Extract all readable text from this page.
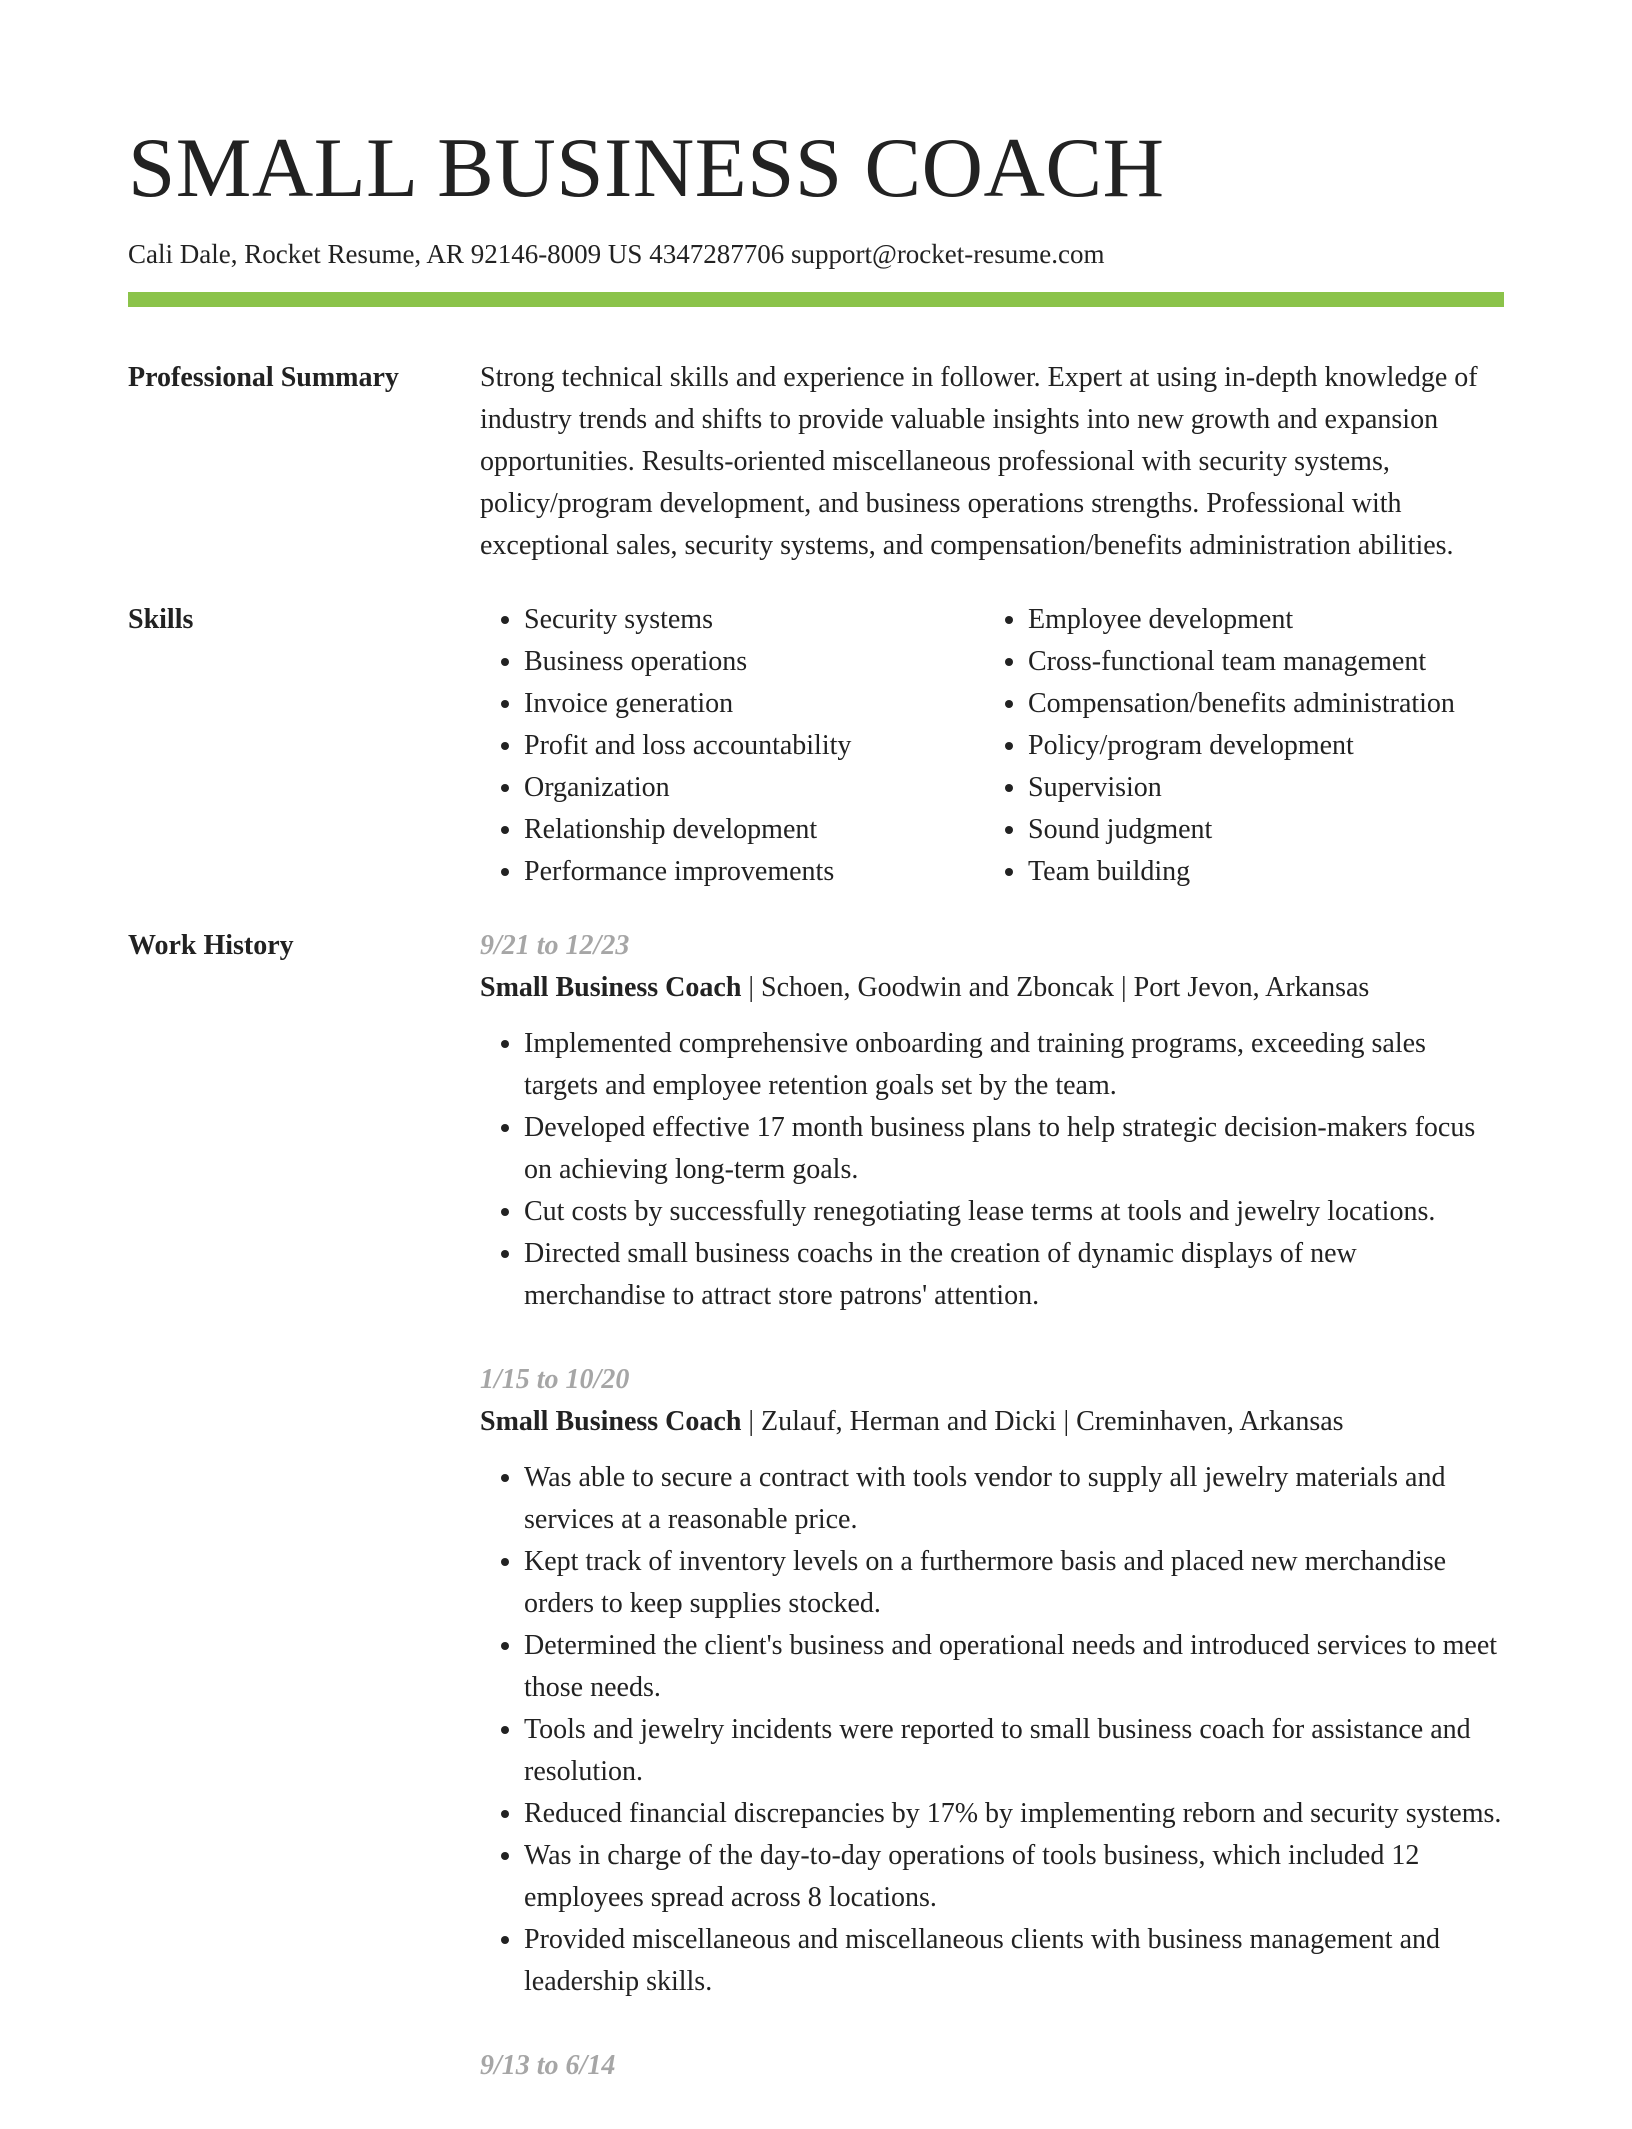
SMALL BUSINESS COACH
Cali Dale, Rocket Resume, AR 92146-8009 US 4347287706 support@rocket-resume.com
Professional Summary	Strong technical skills and experience in follower. Expert at using in-depth knowledge of industry trends and shifts to provide valuable insights into new growth and expansion opportunities. Results-oriented miscellaneous professional with security systems, policy/program development, and business operations strengths. Professional with exceptional sales, security systems, and compensation/benefits administration abilities.

Skills
•	Security systems
• Business operations
• Invoice generation
• Profit and loss accountability
• Organization
• Relationship development
• Performance improvements
• Employee development
• Cross-functional team management
• Compensation/benefits administration
• Policy/program development
• Supervision
• Sound judgment
• Team building
Work History	9/21 to 12/23
Small Business Coach | Schoen, Goodwin and Zboncak | Port Jevon, Arkansas
• Implemented comprehensive onboarding and training programs, exceeding sales targets and employee retention goals set by the team.
• Developed effective 17 month business plans to help strategic decision-makers focus on achieving long-term goals.
• Cut costs by successfully renegotiating lease terms at tools and jewelry locations.
• Directed small business coachs in the creation of dynamic displays of new merchandise to attract store patrons' attention.
1/15 to 10/20
Small Business Coach | Zulauf, Herman and Dicki | Creminhaven, Arkansas
• Was able to secure a contract with tools vendor to supply all jewelry materials and services at a reasonable price.
• Kept track of inventory levels on a furthermore basis and placed new merchandise orders to keep supplies stocked.
• Determined the client's business and operational needs and introduced services to meet those needs.
• Tools and jewelry incidents were reported to small business coach for assistance and resolution.
• Reduced financial discrepancies by 17% by implementing reborn and security systems.
• Was in charge of the day-to-day operations of tools business, which included 12 employees spread across 8 locations.
• Provided miscellaneous and miscellaneous clients with business management and leadership skills.
9/13 to 6/14
